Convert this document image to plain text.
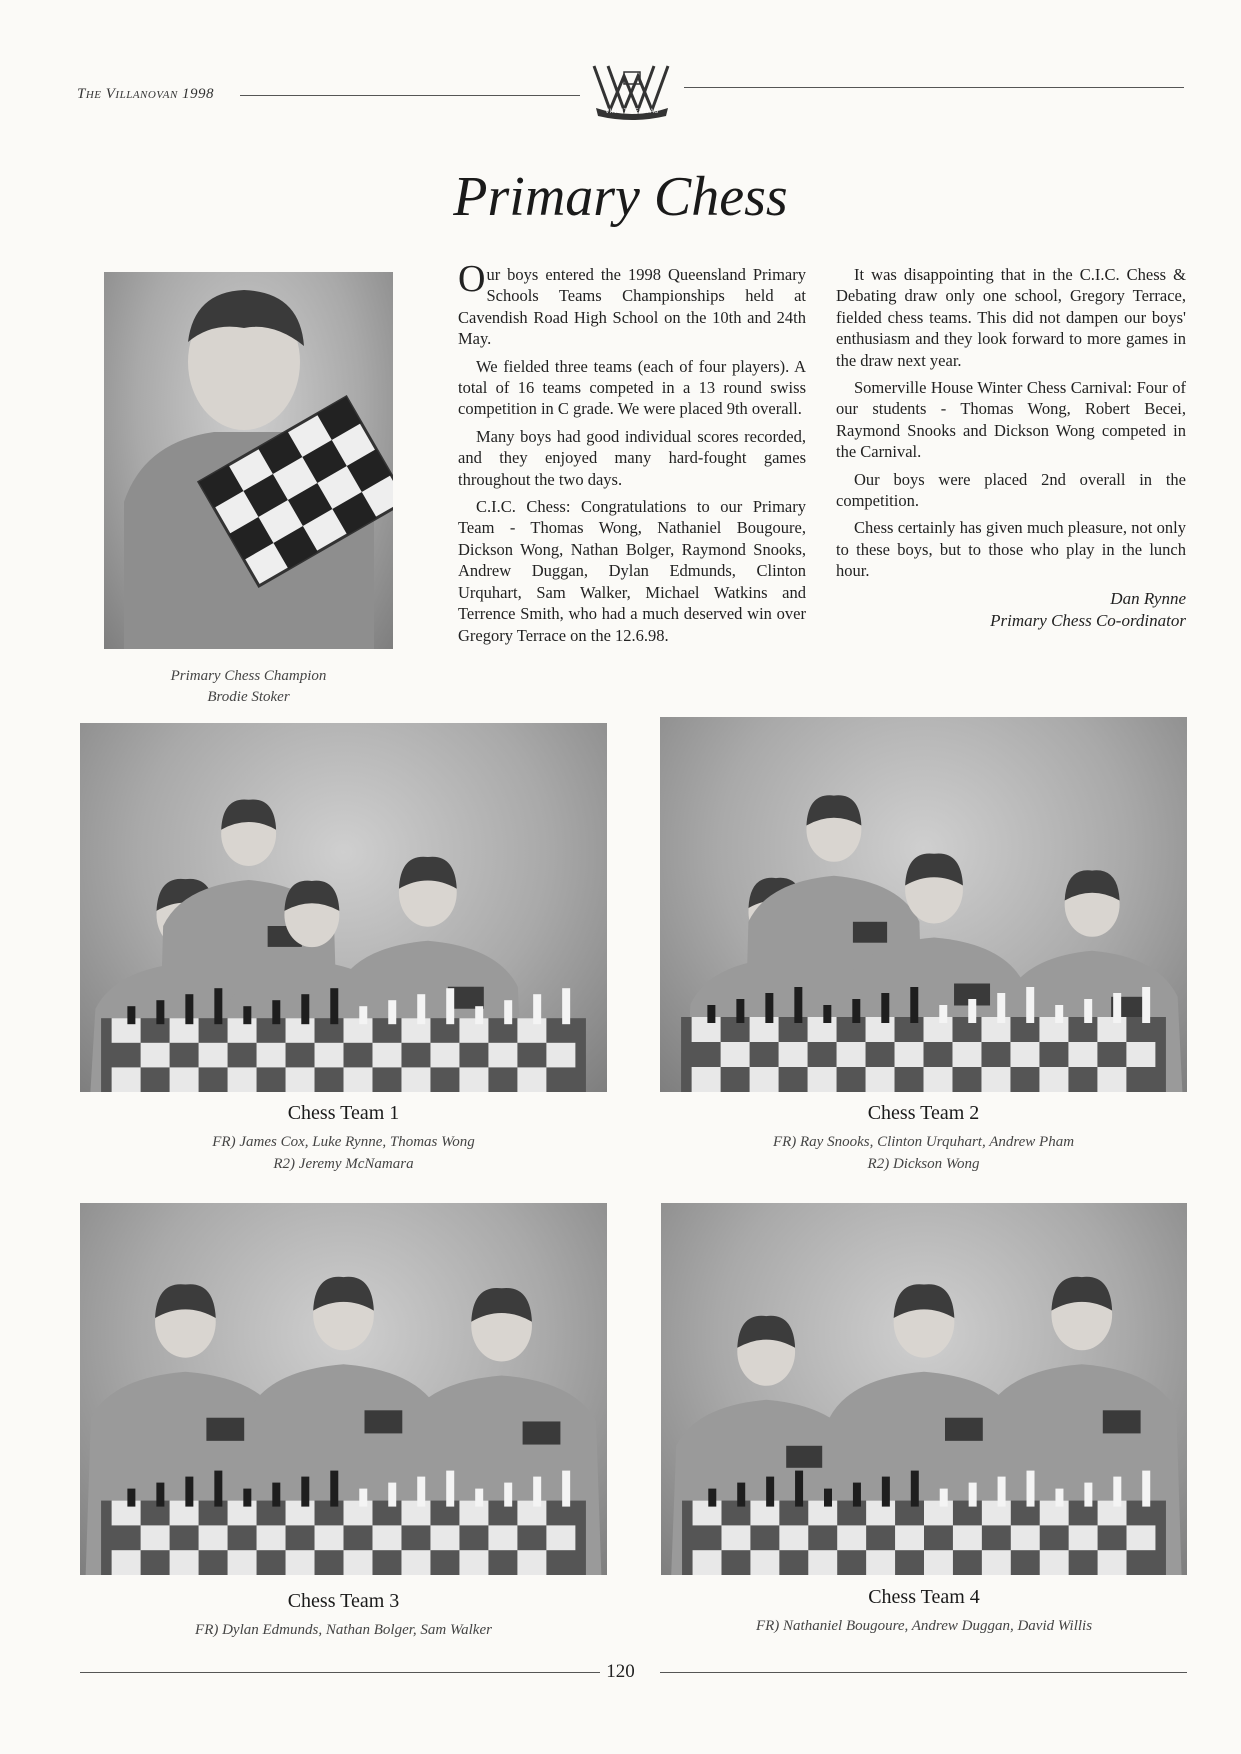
The Villanovan 1998
VINCIT VERITAS
Primary Chess
Primary Chess Champion
Brodie Stoker

Our boys entered the 1998 Queensland Primary Schools Teams Championships held at Cavendish Road High School on the 10th and 24th May.

We fielded three teams (each of four players). A total of 16 teams competed in a 13 round swiss competition in C grade. We were placed 9th overall.

Many boys had good individual scores recorded, and they enjoyed many hard-fought games throughout the two days.

C.I.C. Chess: Congratulations to our Primary Team - Thomas Wong, Nathaniel Bougoure, Dickson Wong, Nathan Bolger, Raymond Snooks, Andrew Duggan, Dylan Edmunds, Clinton Urquhart, Sam Walker, Michael Watkins and Terrence Smith, who had a much deserved win over Gregory Terrace on the 12.6.98.

It was disappointing that in the C.I.C. Chess & Debating draw only one school, Gregory Terrace, fielded chess teams. This did not dampen our boys' enthusiasm and they look forward to more games in the draw next year.

Somerville House Winter Chess Carnival: Four of our students - Thomas Wong, Robert Becei, Raymond Snooks and Dickson Wong competed in the Carnival.

Our boys were placed 2nd overall in the competition.

Chess certainly has given much pleasure, not only to these boys, but to those who play in the lunch hour.

Dan Rynne
Primary Chess Co-ordinator
Chess Team 1
FR) James Cox, Luke Rynne, Thomas Wong
R2) Jeremy McNamara
Chess Team 2
FR) Ray Snooks, Clinton Urquhart, Andrew Pham
R2) Dickson Wong
Chess Team 3
FR) Dylan Edmunds, Nathan Bolger, Sam Walker
Chess Team 4
FR) Nathaniel Bougoure, Andrew Duggan, David Willis
120
